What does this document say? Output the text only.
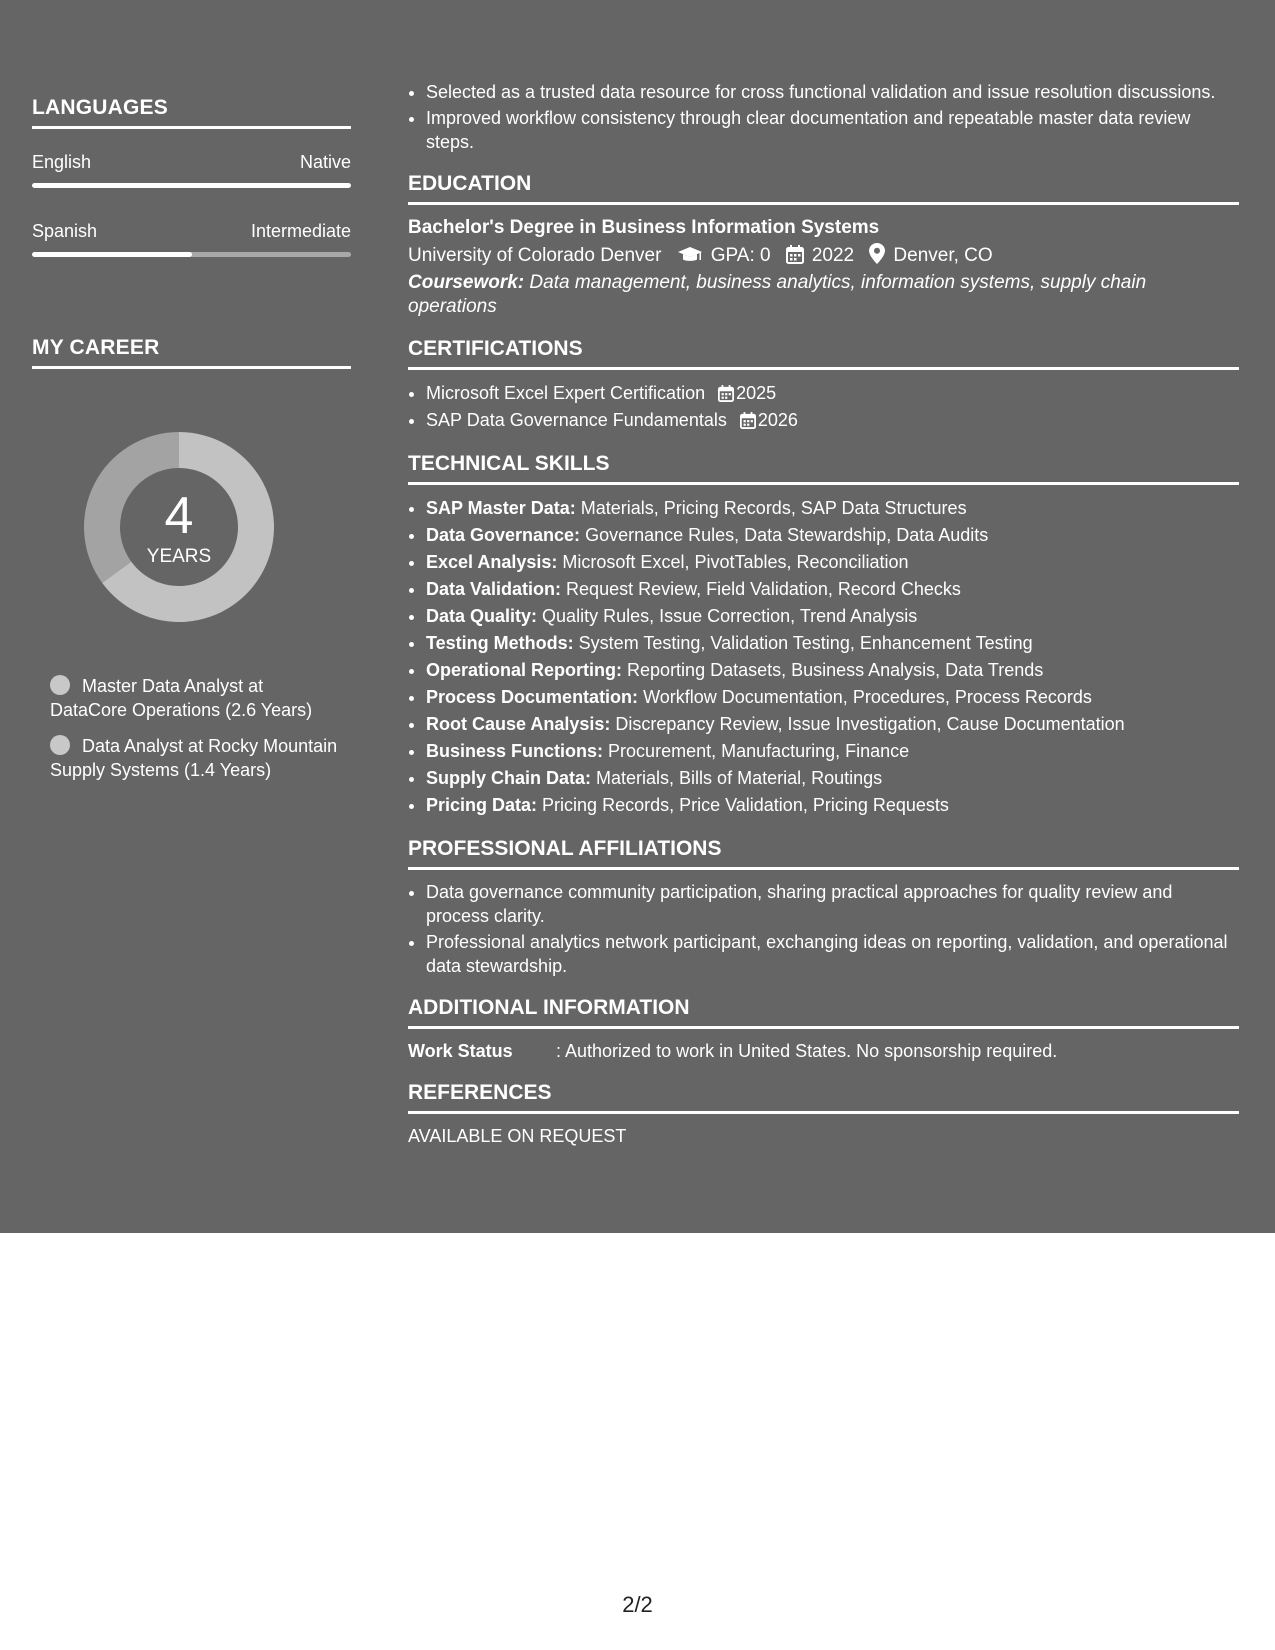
LANGUAGES
English	Native
Spanish	Intermediate
MY CAREER
4
YEARS
Master Data Analyst at DataCore Operations (2.6 Years)
Data Analyst at Rocky Mountain Supply Systems (1.4 Years)
• Selected as a trusted data resource for cross functional validation and issue resolution discussions.
• Improved workflow consistency through clear documentation and repeatable master data review steps.
EDUCATION
Bachelor's Degree in Business Information Systems
University of Colorado Denver	GPA: 0 2022 Denver, CO
Coursework: Data management, business analytics, information systems, supply chain operations
CERTIFICATIONS
• Microsoft Excel Expert Certification 2025
• SAP Data Governance Fundamentals 2026
TECHNICAL SKILLS
• SAP Master Data: Materials, Pricing Records, SAP Data Structures
• Data Governance: Governance Rules, Data Stewardship, Data Audits
• Excel Analysis: Microsoft Excel, PivotTables, Reconciliation
• Data Validation: Request Review, Field Validation, Record Checks
• Data Quality: Quality Rules, Issue Correction, Trend Analysis
• Testing Methods: System Testing, Validation Testing, Enhancement Testing
• Operational Reporting: Reporting Datasets, Business Analysis, Data Trends
• Process Documentation: Workflow Documentation, Procedures, Process Records
• Root Cause Analysis: Discrepancy Review, Issue Investigation, Cause Documentation
• Business Functions: Procurement, Manufacturing, Finance
• Supply Chain Data: Materials, Bills of Material, Routings
• Pricing Data: Pricing Records, Price Validation, Pricing Requests
PROFESSIONAL AFFILIATIONS
• Data governance community participation, sharing practical approaches for quality review and process clarity.
• Professional analytics network participant, exchanging ideas on reporting, validation, and operational data stewardship.
ADDITIONAL INFORMATION
Work Status : Authorized to work in United States. No sponsorship required.
REFERENCES
AVAILABLE ON REQUEST
2/2
